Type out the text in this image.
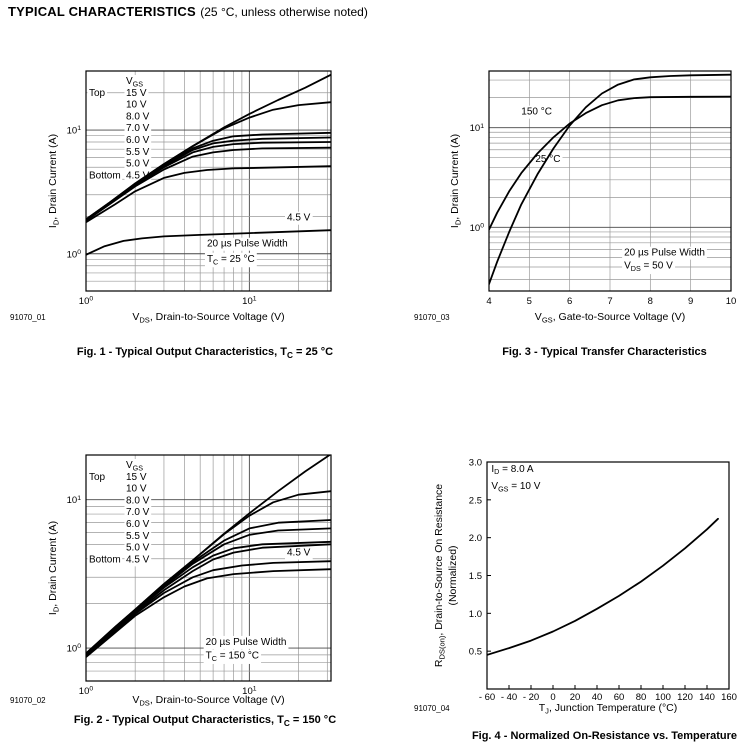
TYPICAL CHARACTERISTICS (25 °C, unless otherwise noted)
$V_{GS}$
Top 15 V
10 V
8.0 V
7.0 V
6.0 V
5.5 V
5.0 V
Bottom 4.5 V
4.5 V
20 µs Pulse Width
$T_C = 25$ °C
$10^0$	$10^1$
$10^1$
$10^0$
$V_{DS}$, Drain-to-Source Voltage (V)
91070_01
$I_D$, Drain Current (A)
Fig. 1 - Typical Output Characteristics, $T_C = 25$ °C
150 °C
25 °C
20 µs Pulse Width
$V_{DS} = 50$ V
4	5	6	7	8	9	10
$10^1$
$10^0$
$V_{GS}$, Gate-to-Source Voltage (V)
91070_03
$I_D$, Drain Current (A)
Fig. 3 - Typical Transfer Characteristics
$V_{GS}$
Top 15 V
10 V
8.0 V
7.0 V
6.0 V
5.5 V
5.0 V
Bottom 4.5 V
4.5 V
20 µs Pulse Width
$T_C = 150$ °C
$10^0$	$10^1$
$10^1$
$10^0$
$V_{DS}$, Drain-to-Source Voltage (V)
91070_02
$I_D$, Drain Current (A)
Fig. 2 - Typical Output Characteristics, $T_C = 150$ °C
$I_D = 8.0$ A
$V_{GS} = 10$ V
- 60 - 40 - 20 0 20 40 60 80 100 120 140 160
3.0
2.5
2.0
1.5
1.0
0.5
$T_J$, Junction Temperature (°C)
91070_04
$R_{DS(on)}$, Drain-to-Source On Resistance (Normalized)
Fig. 4 - Normalized On-Resistance vs. Temperature
